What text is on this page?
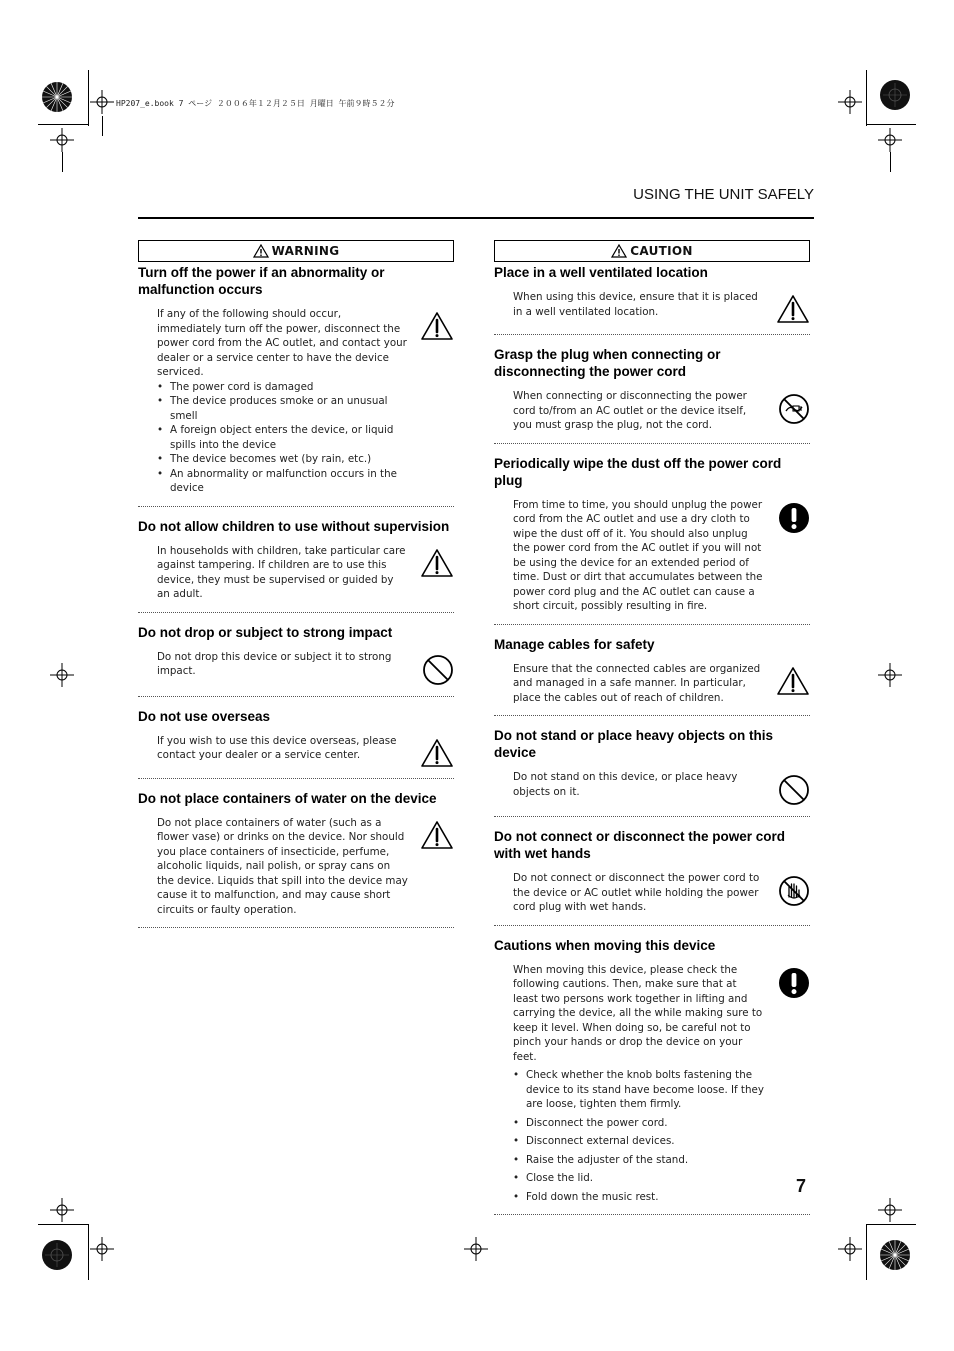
HP207_e.book 7 ページ ２００６年１２月２５日 月曜日 午前９時５２分
USING THE UNIT SAFELY
WARNING
Turn off the power if an abnormality or malfunction occurs

If any of the following should occur, immediately turn off the power, disconnect the power cord from the AC outlet, and contact your dealer or a service center to have the device serviced.

• The power cord is damaged
• The device produces smoke or an unusual smell
• A foreign object enters the device, or liquid spills into the device
• The device becomes wet (by rain, etc.)
• An abnormality or malfunction occurs in the device
Do not allow children to use without supervision

In households with children, take particular care against tampering. If children are to use this device, they must be supervised or guided by an adult.

Do not drop or subject to strong impact

Do not drop this device or subject it to strong impact.

Do not use overseas

If you wish to use this device overseas, please contact your dealer or a service center.

Do not place containers of water on the device

Do not place containers of water (such as a flower vase) or drinks on the device. Nor should you place containers of insecticide, perfume, alcoholic liquids, nail polish, or spray cans on the device. Liquids that spill into the device may cause it to malfunction, and may cause short circuits or faulty operation.

CAUTION
Place in a well ventilated location

When using this device, ensure that it is placed in a well ventilated location.

Grasp the plug when connecting or disconnecting the power cord

When connecting or disconnecting the power cord to/from an AC outlet or the device itself, you must grasp the plug, not the cord.

Periodically wipe the dust off the power cord plug

From time to time, you should unplug the power cord from the AC outlet and use a dry cloth to wipe the dust off of it. You should also unplug the power cord from the AC outlet if you will not be using the device for an extended period of time. Dust or dirt that accumulates between the power cord plug and the AC outlet can cause a short circuit, possibly resulting in fire.

Manage cables for safety

Ensure that the connected cables are organized and managed in a safe manner. In particular, place the cables out of reach of children.

Do not stand or place heavy objects on this device

Do not stand on this device, or place heavy objects on it.

Do not connect or disconnect the power cord with wet hands

Do not connect or disconnect the power cord to the device or AC outlet while holding the power cord plug with wet hands.

Cautions when moving this device

When moving this device, please check the following cautions. Then, make sure that at least two persons work together in lifting and carrying the device, all the while making sure to keep it level. When doing so, be careful not to pinch your hands or drop the device on your feet.

• Check whether the knob bolts fastening the device to its stand have become loose. If they are loose, tighten them firmly.
• Disconnect the power cord.
• Disconnect external devices.
• Raise the adjuster of the stand.
• Close the lid.
• Fold down the music rest.
7
